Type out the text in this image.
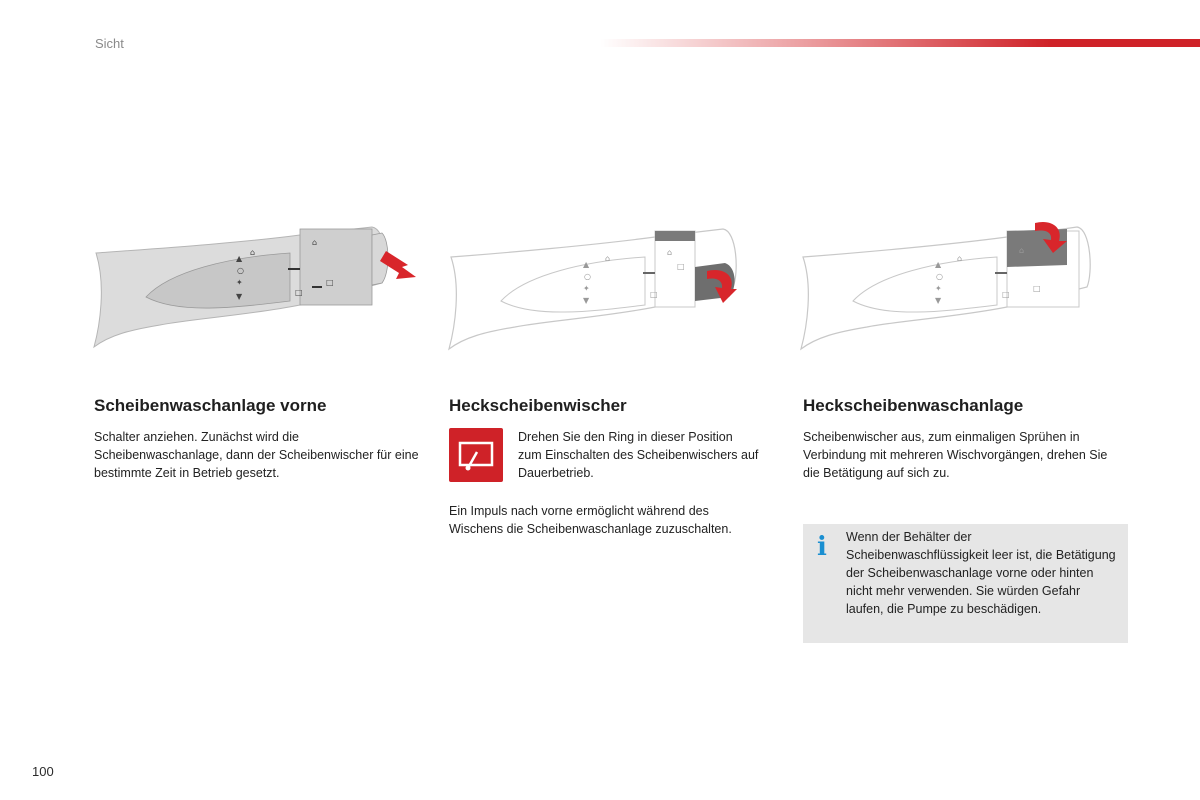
Sicht
▲
○
✦
▼
⌂
⌂
□
□
▲
○
✦
▼
⌂
⌂
□
□
▲
○
✦
▼
⌂
⌂
□
□
Scheibenwaschanlage vorne

Schalter anziehen. Zunächst wird die Scheibenwaschanlage, dann der Scheibenwischer für eine bestimmte Zeit in Betrieb gesetzt.

Heckscheibenwischer

Drehen Sie den Ring in dieser Position zum Einschalten des Scheibenwischers auf Dauerbetrieb.

Ein Impuls nach vorne ermöglicht während des Wischens die Scheibenwaschanlage zuzuschalten.

Heckscheibenwaschanlage

Scheibenwischer aus, zum einmaligen Sprühen in Verbindung mit mehreren Wischvorgängen, drehen Sie die Betätigung auf sich zu.

i Wenn der Behälter der Scheibenwaschflüssigkeit leer ist, die Betätigung der Scheibenwaschanlage vorne oder hinten nicht mehr verwenden. Sie würden Gefahr laufen, die Pumpe zu beschädigen.

100
